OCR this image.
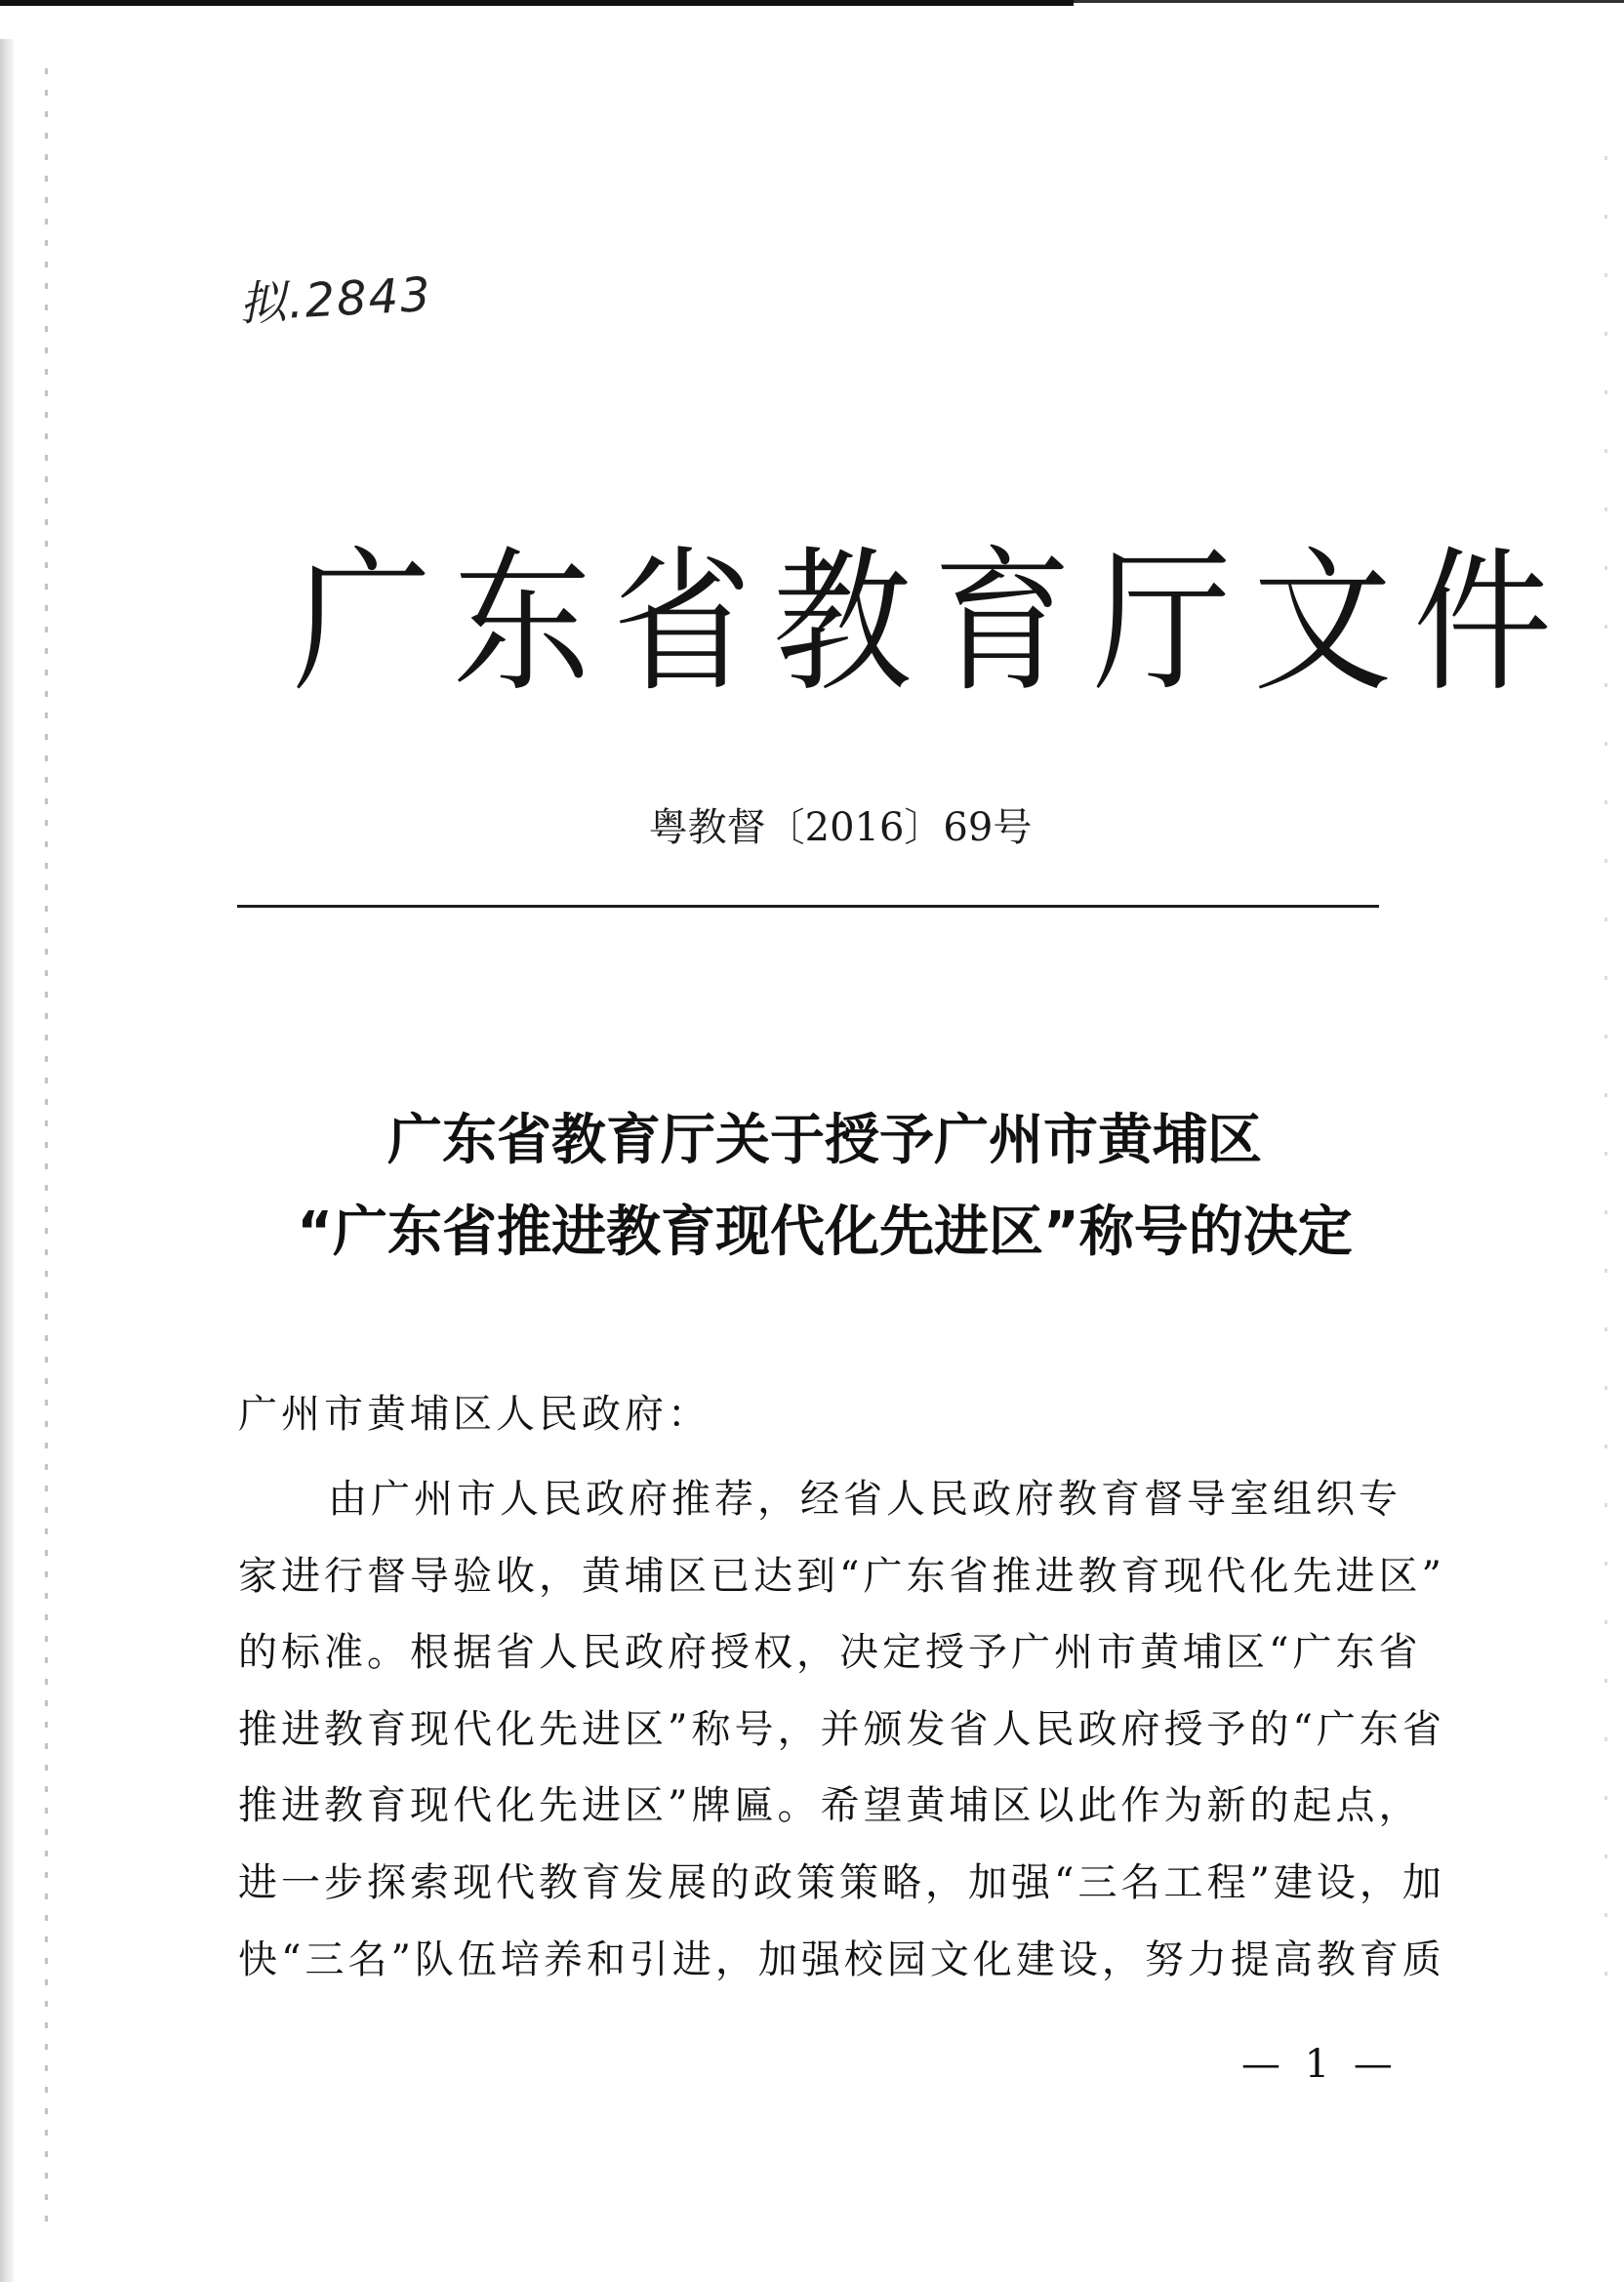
拟.2843
广东省教育厅文件
粤教督〔2016〕69号
广东省教育厅关于授予广州市黄埔区
“广东省推进教育现代化先进区”称号的决定
广州市黄埔区人民政府：
由广州市人民政府推荐，经省人民政府教育督导室组织专
家进行督导验收，黄埔区已达到“广东省推进教育现代化先进区”
的标准。根据省人民政府授权，决定授予广州市黄埔区“广东省
推进教育现代化先进区”称号，并颁发省人民政府授予的“广东省
推进教育现代化先进区”牌匾。希望黄埔区以此作为新的起点，
进一步探索现代教育发展的政策策略，加强“三名工程”建设，加
快“三名”队伍培养和引进，加强校园文化建设，努力提高教育质
— 1 —
